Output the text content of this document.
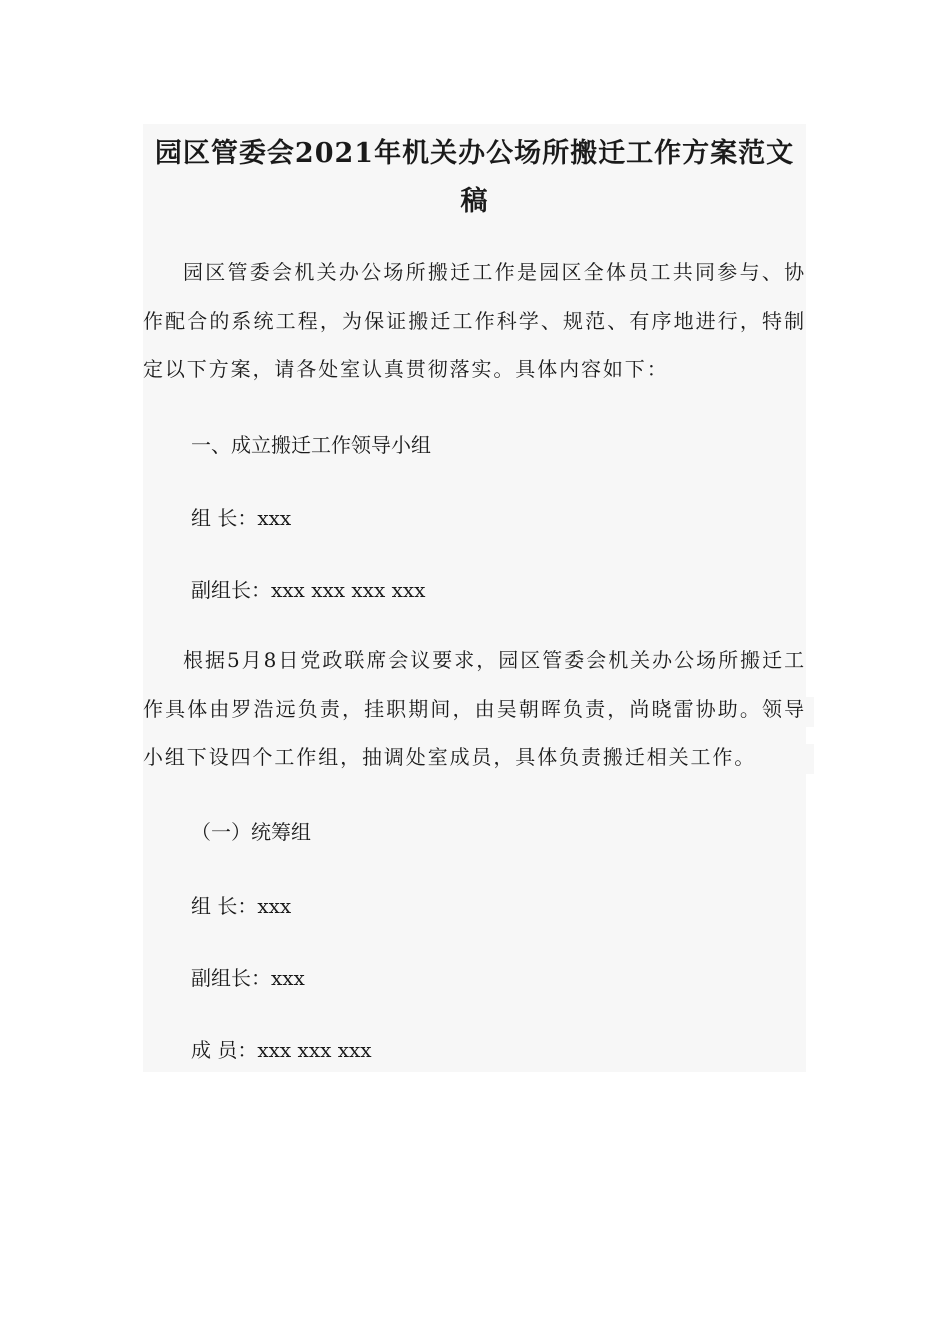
园区管委会2021年机关办公场所搬迁工作方案范文
稿

园区管委会机关办公场所搬迁工作是园区全体员工共同参与、协作配合的系统工程，为保证搬迁工作科学、规范、有序地进行，特制定以下方案，请各处室认真贯彻落实。具体内容如下：

一、成立搬迁工作领导小组

组 长：xxx

副组长：xxx xxx xxx xxx

根据5月8日党政联席会议要求，园区管委会机关办公场所搬迁工作具体由罗浩远负责，挂职期间，由吴朝晖负责，尚晓雷协助。领导小组下设四个工作组，抽调处室成员，具体负责搬迁相关工作。

（一）统筹组

组 长：xxx

副组长：xxx

成 员：xxx xxx xxx
